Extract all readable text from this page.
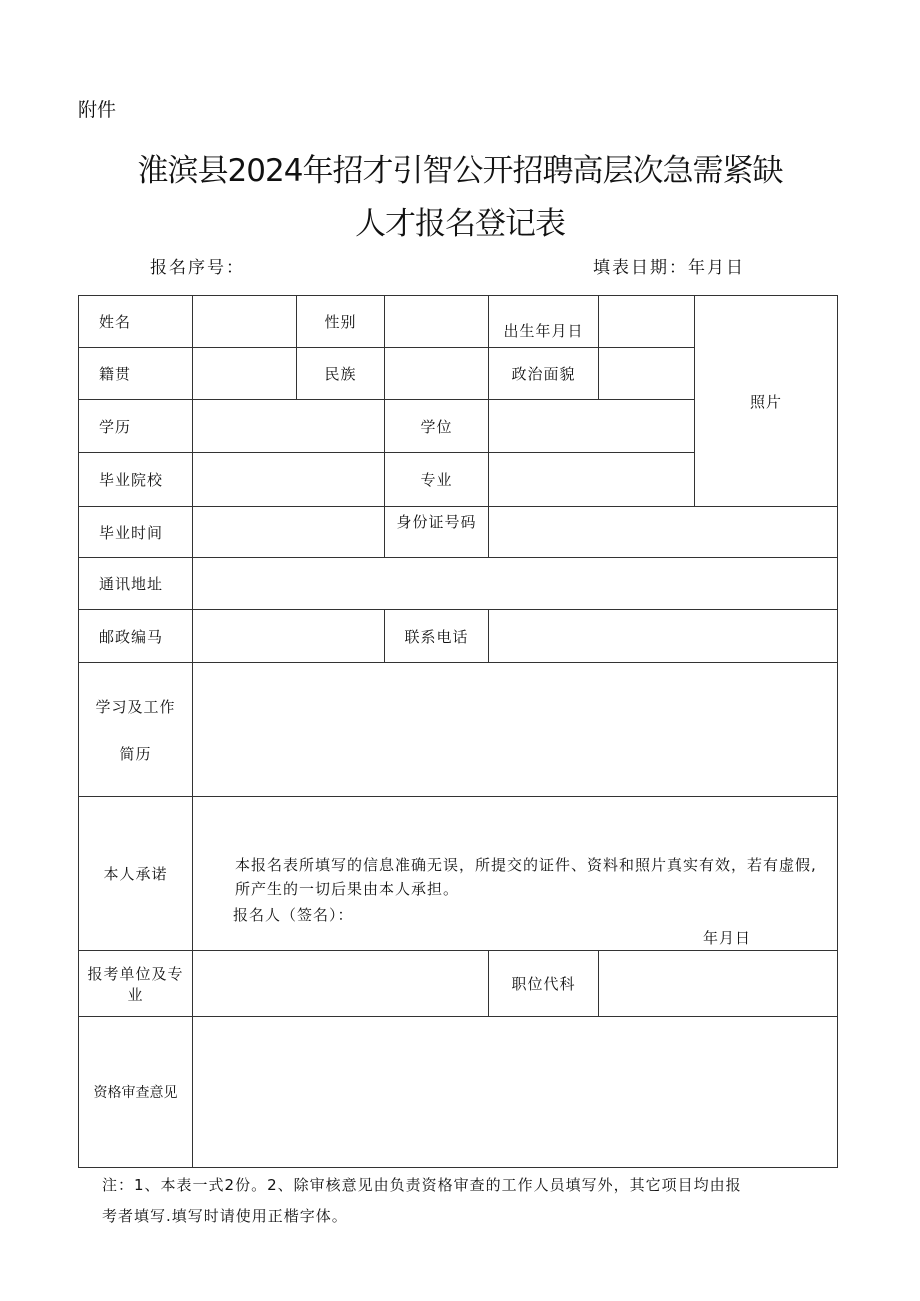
附件
淮滨县2024年招才引智公开招聘高层次急需紧缺
人才报名登记表
报名序号：	填表日期：年月日
姓名		性别		出生年月日		照片
籍贯		民族		政治面貌		
学历			学位			
毕业院校			专业			
毕业时间			身份证号码			
通讯地址						
邮政编马			联系电话			

学习及工作
简历						

本人承诺	本报名表所填写的信息准确无误，所提交的证件、资料和照片真实有效，若有虚假,所产生的一切后果由本人承担。
报名人（签名）：
年月日					

报考单位及专
业				职位代科		
资格审查意见						
注：1、本表一式2份。2、除审核意见由负责资格审查的工作人员填写外，其它项目均由报
考者填写.填写时请使用正楷字体。
